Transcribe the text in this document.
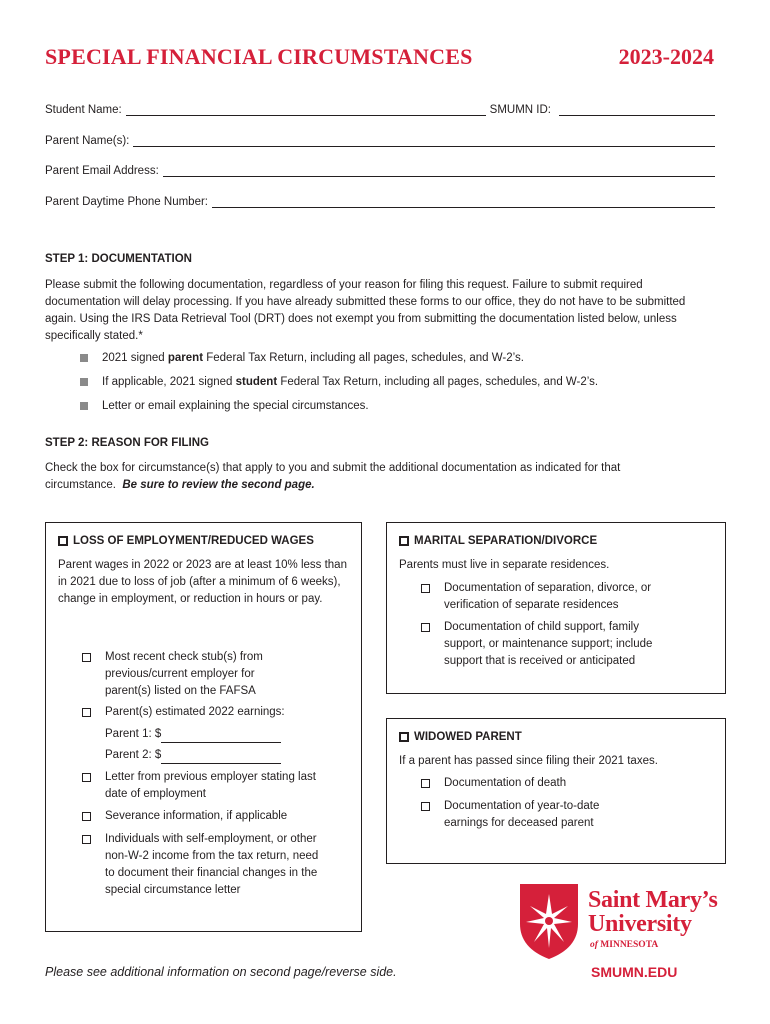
SPECIAL FINANCIAL CIRCUMSTANCES	2023-2024
Student Name:	SMUMN ID:
Parent Name(s):
Parent Email Address:
Parent Daytime Phone Number:
STEP 1: DOCUMENTATION
Please submit the following documentation, regardless of your reason for filing this request. Failure to submit required documentation will delay processing. If you have already submitted these forms to our office, they do not have to be submitted again. Using the IRS Data Retrieval Tool (DRT) does not exempt you from submitting the documentation listed below, unless specifically stated.*
2021 signed parent Federal Tax Return, including all pages, schedules, and W-2’s.
If applicable, 2021 signed student Federal Tax Return, including all pages, schedules, and W-2’s.
Letter or email explaining the special circumstances.
STEP 2: REASON FOR FILING
Check the box for circumstance(s) that apply to you and submit the additional documentation as indicated for that circumstance. Be sure to review the second page.
LOSS OF EMPLOYMENT/REDUCED WAGES
Parent wages in 2022 or 2023 are at least 10% less than in 2021 due to loss of job (after a minimum of 6 weeks), change in employment, or reduction in hours or pay.
Most recent check stub(s) from previous/current employer for parent(s) listed on the FAFSA
Parent(s) estimated 2022 earnings:
Parent 1: $
Parent 2: $
Letter from previous employer stating last date of employment
Severance information, if applicable
Individuals with self-employment, or other non-W-2 income from the tax return, need to document their financial changes in the special circumstance letter
MARITAL SEPARATION/DIVORCE
Parents must live in separate residences.
Documentation of separation, divorce, or verification of separate residences
Documentation of child support, family support, or maintenance support; include support that is received or anticipated
WIDOWED PARENT
If a parent has passed since filing their 2021 taxes.
Documentation of death
Documentation of year-to-date earnings for deceased parent
Saint Mary’s
University
of MINNESOTA
SMUMN.EDU
Please see additional information on second page/reverse side.
